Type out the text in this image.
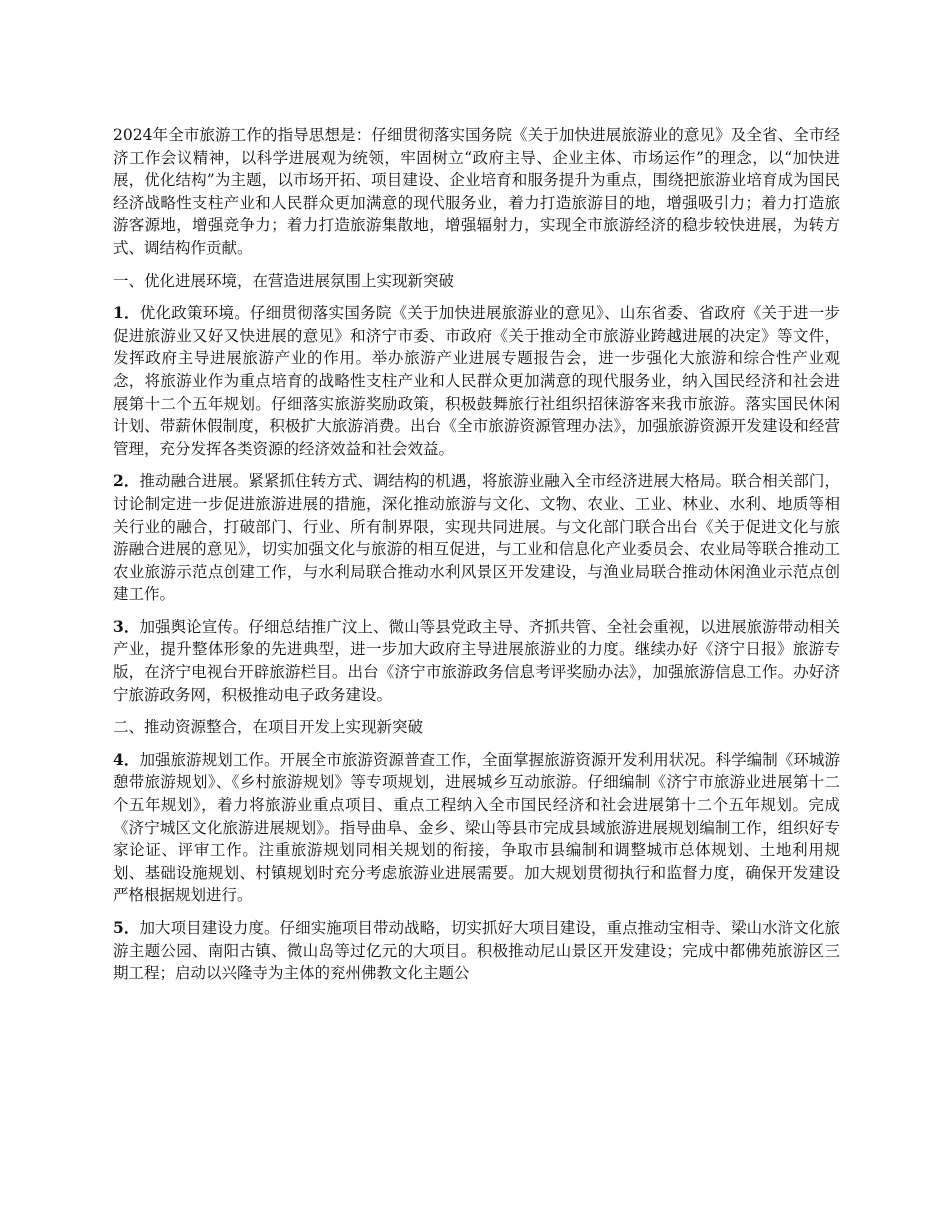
2024年全市旅游工作的指导思想是：仔细贯彻落实国务院《关于加快进展旅游业的意见》及全省、全市经济工作会议精神，以科学进展观为统领，牢固树立“政府主导、企业主体、市场运作”的理念，以“加快进展，优化结构”为主题，以市场开拓、项目建设、企业培育和服务提升为重点，围绕把旅游业培育成为国民经济战略性支柱产业和人民群众更加满意的现代服务业，着力打造旅游目的地，增强吸引力；着力打造旅游客源地，增强竞争力；着力打造旅游集散地，增强辐射力，实现全市旅游经济的稳步较快进展，为转方式、调结构作贡献。

一、优化进展环境，在营造进展氛围上实现新突破

1．优化政策环境。仔细贯彻落实国务院《关于加快进展旅游业的意见》、山东省委、省政府《关于进一步促进旅游业又好又快进展的意见》和济宁市委、市政府《关于推动全市旅游业跨越进展的决定》等文件，发挥政府主导进展旅游产业的作用。举办旅游产业进展专题报告会，进一步强化大旅游和综合性产业观念，将旅游业作为重点培育的战略性支柱产业和人民群众更加满意的现代服务业，纳入国民经济和社会进展第十二个五年规划。仔细落实旅游奖励政策，积极鼓舞旅行社组织招徕游客来我市旅游。落实国民休闲计划、带薪休假制度，积极扩大旅游消费。出台《全市旅游资源管理办法》，加强旅游资源开发建设和经营管理，充分发挥各类资源的经济效益和社会效益。

2．推动融合进展。紧紧抓住转方式、调结构的机遇，将旅游业融入全市经济进展大格局。联合相关部门，讨论制定进一步促进旅游进展的措施，深化推动旅游与文化、文物、农业、工业、林业、水利、地质等相关行业的融合，打破部门、行业、所有制界限，实现共同进展。与文化部门联合出台《关于促进文化与旅游融合进展的意见》，切实加强文化与旅游的相互促进，与工业和信息化产业委员会、农业局等联合推动工农业旅游示范点创建工作，与水利局联合推动水利风景区开发建设，与渔业局联合推动休闲渔业示范点创建工作。

3．加强舆论宣传。仔细总结推广汶上、微山等县党政主导、齐抓共管、全社会重视，以进展旅游带动相关产业，提升整体形象的先进典型，进一步加大政府主导进展旅游业的力度。继续办好《济宁日报》旅游专版，在济宁电视台开辟旅游栏目。出台《济宁市旅游政务信息考评奖励办法》，加强旅游信息工作。办好济宁旅游政务网，积极推动电子政务建设。

二、推动资源整合，在项目开发上实现新突破

4．加强旅游规划工作。开展全市旅游资源普查工作，全面掌握旅游资源开发利用状况。科学编制《环城游憩带旅游规划》、《乡村旅游规划》等专项规划，进展城乡互动旅游。仔细编制《济宁市旅游业进展第十二个五年规划》，着力将旅游业重点项目、重点工程纳入全市国民经济和社会进展第十二个五年规划。完成《济宁城区文化旅游进展规划》。指导曲阜、金乡、梁山等县市完成县域旅游进展规划编制工作，组织好专家论证、评审工作。注重旅游规划同相关规划的衔接，争取市县编制和调整城市总体规划、土地利用规划、基础设施规划、村镇规划时充分考虑旅游业进展需要。加大规划贯彻执行和监督力度，确保开发建设严格根据规划进行。

5．加大项目建设力度。仔细实施项目带动战略，切实抓好大项目建设，重点推动宝相寺、梁山水浒文化旅游主题公园、南阳古镇、微山岛等过亿元的大项目。积极推动尼山景区开发建设；完成中都佛苑旅游区三期工程；启动以兴隆寺为主体的兖州佛教文化主题公
